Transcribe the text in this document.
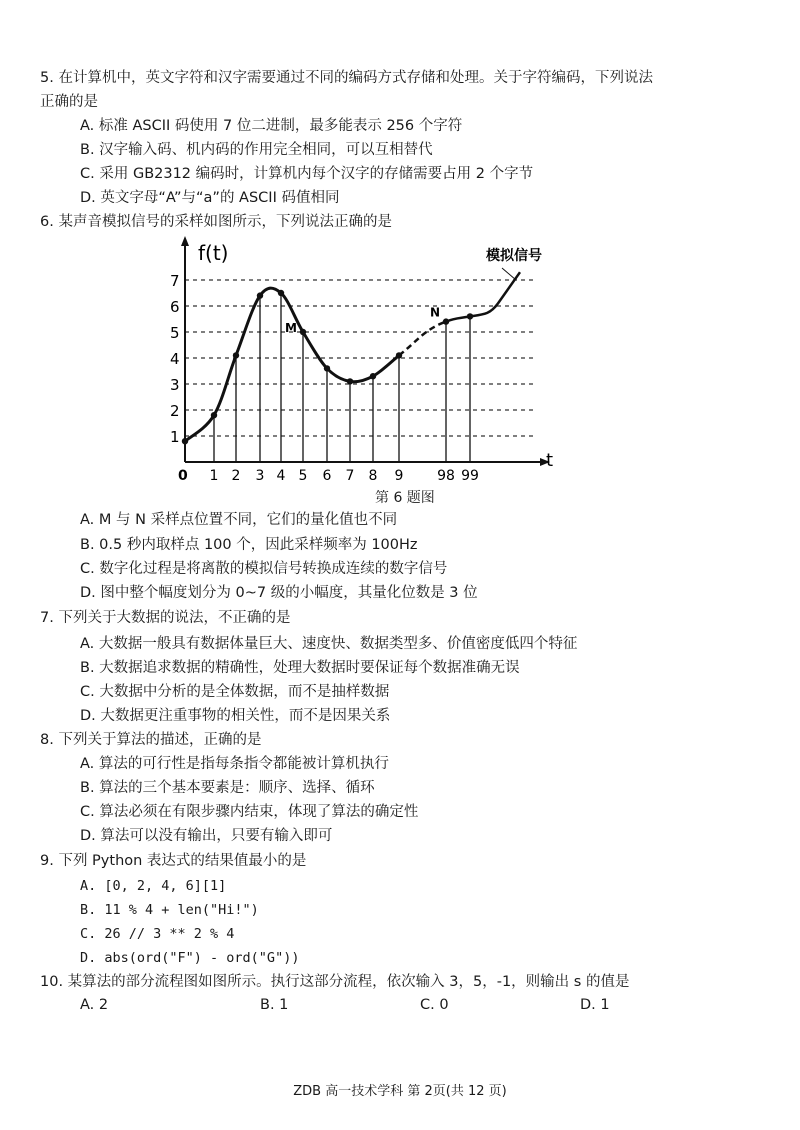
5. 在计算机中，英文字符和汉字需要通过不同的编码方式存储和处理。关于字符编码，下列说法
正确的是
A. 标准 ASCII 码使用 7 位二进制，最多能表示 256 个字符
B. 汉字输入码、机内码的作用完全相同，可以互相替代
C. 采用 GB2312 编码时，计算机内每个汉字的存储需要占用 2 个字节
D. 英文字母“A”与“a”的 ASCII 码值相同
6. 某声音模拟信号的采样如图所示，下列说法正确的是
1
2
3
4
5
6
7
0 1 2 3 4 5 6 7 8 9 98 99
f(t)
t
模拟信号
M
N
第 6 题图
A. M 与 N 采样点位置不同，它们的量化值也不同
B. 0.5 秒内取样点 100 个，因此采样频率为 100Hz
C. 数字化过程是将离散的模拟信号转换成连续的数字信号
D. 图中整个幅度划分为 0~7 级的小幅度，其量化位数是 3 位
7. 下列关于大数据的说法，不正确的是
A. 大数据一般具有数据体量巨大、速度快、数据类型多、价值密度低四个特征
B. 大数据追求数据的精确性，处理大数据时要保证每个数据准确无误
C. 大数据中分析的是全体数据，而不是抽样数据
D. 大数据更注重事物的相关性，而不是因果关系
8. 下列关于算法的描述，正确的是
A. 算法的可行性是指每条指令都能被计算机执行
B. 算法的三个基本要素是：顺序、选择、循环
C. 算法必须在有限步骤内结束，体现了算法的确定性
D. 算法可以没有输出，只要有输入即可
9. 下列 Python 表达式的结果值最小的是
A. [0, 2, 4, 6][1]
B. 11 % 4 + len("Hi!")
C. 26 // 3 ** 2 % 4
D. abs(ord("F") - ord("G"))
10. 某算法的部分流程图如图所示。执行这部分流程，依次输入 3，5，-1，则输出 s 的值是
A. 2	B. 1	C. 0	D. 1
ZDB 高一技术学科 第 2页(共 12 页)
